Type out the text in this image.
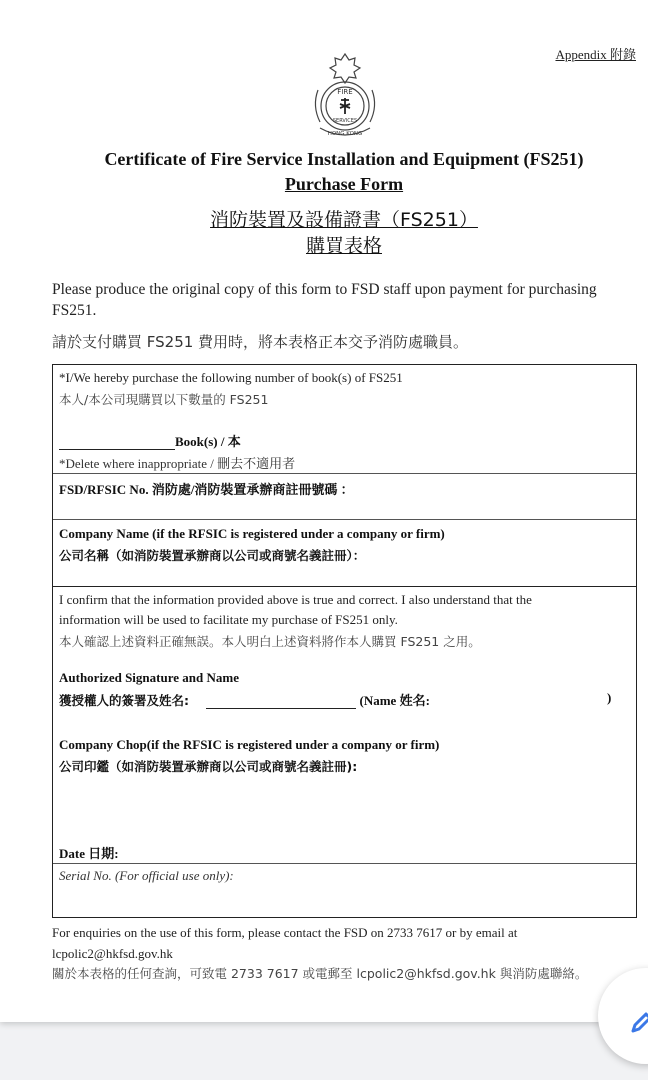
Appendix 附錄
FIRE
SERVICES
HONG KONG
Certificate of Fire Service Installation and Equipment (FS251)
Purchase Form
消防裝置及設備證書（FS251）
購買表格
Please produce the original copy of this form to FSD staff upon payment for purchasing FS251.
請於支付購買 FS251 費用時，將本表格正本交予消防處職員。
*I/We hereby purchase the following number of book(s) of FS251
本人/本公司現購買以下數量的 FS251
Book(s) / 本
*Delete where inappropriate / 刪去不適用者
FSD/RFSIC No. 消防處/消防裝置承辦商註冊號碼 ：
Company Name (if the RFSIC is registered under a company or firm)
公司名稱（如消防裝置承辦商以公司或商號名義註冊）：
I confirm that the information provided above is true and correct. I also understand that the
information will be used to facilitate my purchase of FS251 only.
本人確認上述資料正確無誤。本人明白上述資料將作本人購買 FS251 之用。
Authorized Signature and Name
獲授權人的簽署及姓名:	(Name 姓名:	)
Company Chop(if the RFSIC is registered under a company or firm)
公司印鑑（如消防裝置承辦商以公司或商號名義註冊):
Date 日期:
Serial No. (For official use only):
For enquiries on the use of this form, please contact the FSD on 2733 7617 or by email at
lcpolic2@hkfsd.gov.hk
關於本表格的任何查詢，可致電 2733 7617 或電郵至 lcpolic2@hkfsd.gov.hk 與消防處聯絡。
